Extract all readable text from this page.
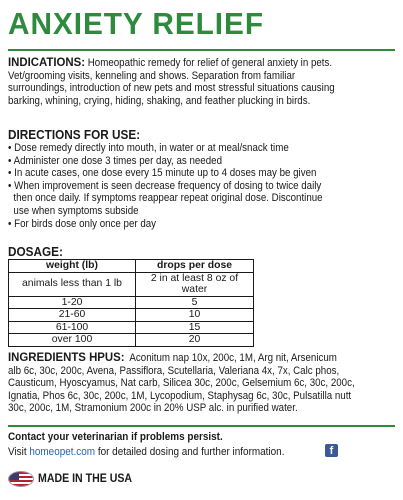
ANXIETY RELIEF
INDICATIONS: Homeopathic remedy for relief of general anxiety in pets.
Vet/grooming visits, kenneling and shows. Separation from familiar
surroundings, introduction of new pets and most stressful situations causing
barking, whining, crying, hiding, shaking, and feather plucking in birds.
DIRECTIONS FOR USE:
• Dose remedy directly into mouth, in water or at meal/snack time
• Administer one dose 3 times per day, as needed
• In acute cases, one dose every 15 minute up to 4 doses may be given
• When improvement is seen decrease frequency of dosing to twice daily
then once daily. If symptoms reappear repeat original dose. Discontinue
use when symptoms subside
• For birds dose only once per day
DOSAGE:
weight (lb)	drops per dose
animals less than 1 lb	2 in at least 8 oz of water
1-20	5
21-60	10
61-100	15
over 100	20
INGREDIENTS HPUS:  Aconitum nap 10x, 200c, 1M, Arg nit, Arsenicum
alb 6c, 30c, 200c, Avena, Passiflora, Scutellaria, Valeriana 4x, 7x, Calc phos,
Causticum, Hyoscyamus, Nat carb, Silicea 30c, 200c, Gelsemium 6c, 30c, 200c,
Ignatia, Phos 6c, 30c, 200c, 1M, Lycopodium, Staphysag 6c, 30c, Pulsatilla nutt
30c, 200c, 1M, Stramonium 200c in 20% USP alc. in purified water.
Contact your veterinarian if problems persist.
Visit homeopet.com for detailed dosing and further information.	f
MADE IN THE USA
